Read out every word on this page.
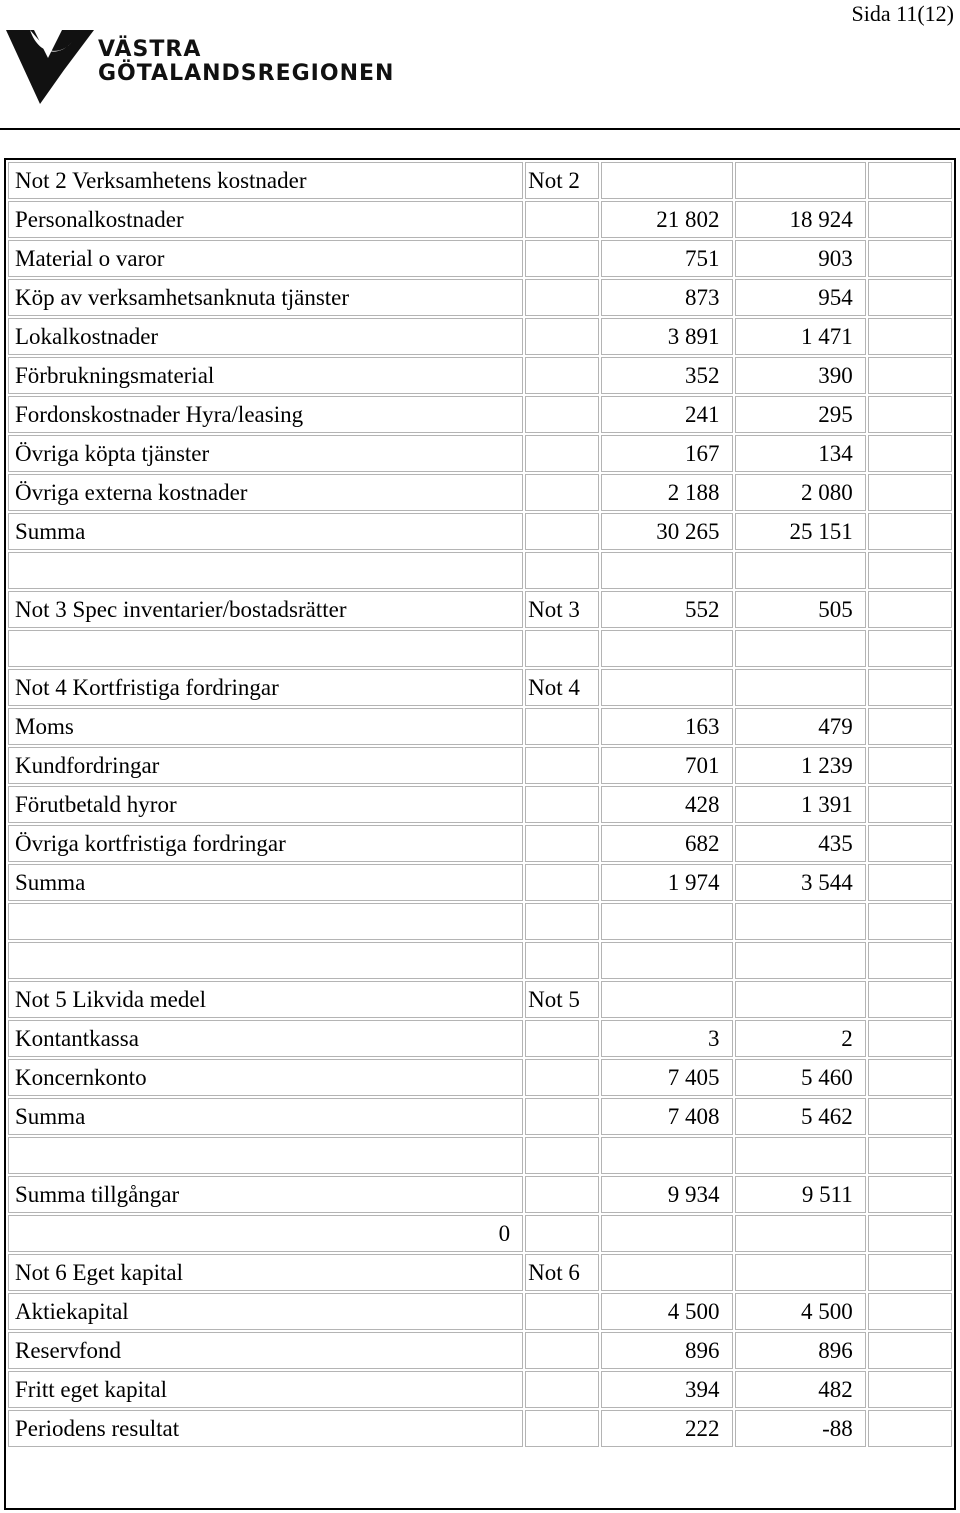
Sida 11(12)
VÄSTRA
GÖTALANDSREGIONEN
Not 2 Verksamhetens kostnader	Not 2			
Personalkostnader		21 802	18 924	
Material o varor		751	903	
Köp av verksamhetsanknuta tjänster		873	954	
Lokalkostnader		3 891	1 471	
Förbrukningsmaterial		352	390	
Fordonskostnader Hyra/leasing		241	295	
Övriga köpta tjänster		167	134	
Övriga externa kostnader		2 188	2 080	
Summa		30 265	25 151	

Not 3 Spec inventarier/bostadsrätter	Not 3	552	505	

Not 4 Kortfristiga fordringar	Not 4			
Moms		163	479	
Kundfordringar		701	1 239	
Förutbetald hyror		428	1 391	
Övriga kortfristiga fordringar		682	435	
Summa		1 974	3 544	

Not 5 Likvida medel	Not 5			
Kontantkassa		3	2	
Koncernkonto		7 405	5 460	
Summa		7 408	5 462	

Summa tillgångar		9 934	9 511	
0				
Not 6 Eget kapital	Not 6			
Aktiekapital		4 500	4 500	
Reservfond		896	896	
Fritt eget kapital		394	482	
Periodens resultat		222	-88	
